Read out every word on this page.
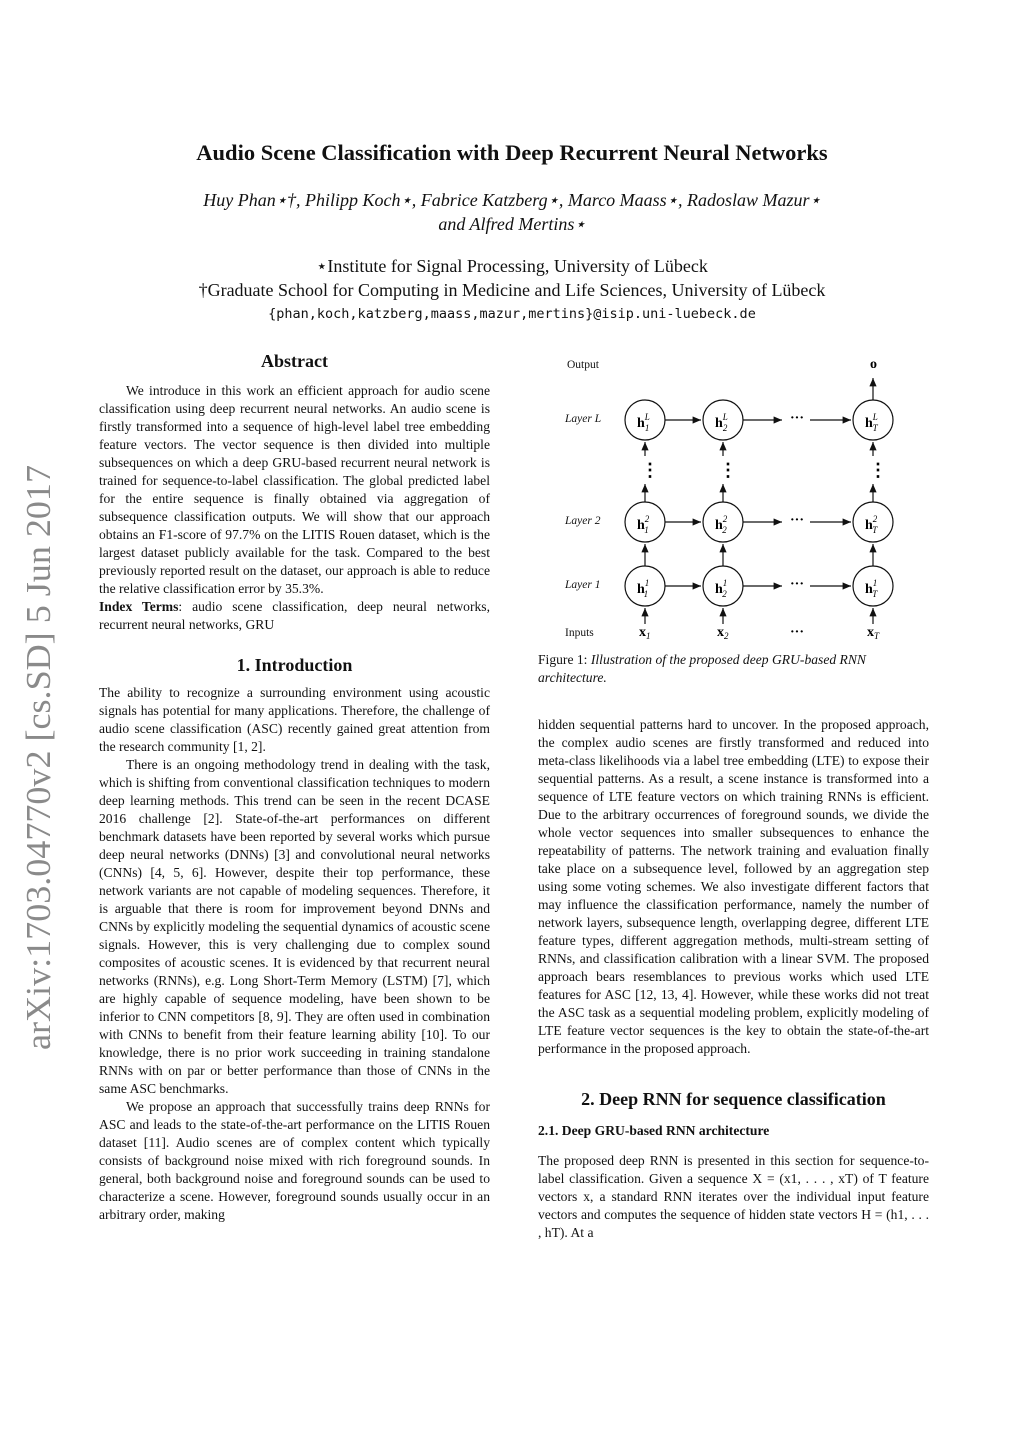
arXiv:1703.04770v2 [cs.SD] 5 Jun 2017
Audio Scene Classification with Deep Recurrent Neural Networks
Huy Phan⋆†, Philipp Koch⋆, Fabrice Katzberg⋆, Marco Maass⋆, Radoslaw Mazur⋆
and Alfred Mertins⋆
⋆Institute for Signal Processing, University of Lübeck
†Graduate School for Computing in Medicine and Life Sciences, University of Lübeck
{phan,koch,katzberg,maass,mazur,mertins}@isip.uni-luebeck.de
Abstract

We introduce in this work an efficient approach for audio scene classification using deep recurrent neural networks. An audio scene is firstly transformed into a sequence of high-level label tree embedding feature vectors. The vector sequence is then divided into multiple subsequences on which a deep GRU-based recurrent neural network is trained for sequence-to-label classification. The global predicted label for the entire sequence is finally obtained via aggregation of subsequence classification outputs. We will show that our approach obtains an F1-score of 97.7% on the LITIS Rouen dataset, which is the largest dataset publicly available for the task. Compared to the best previously reported result on the dataset, our approach is able to reduce the relative classification error by 35.3%.

Index Terms: audio scene classification, deep neural networks, recurrent neural networks, GRU

1. Introduction

The ability to recognize a surrounding environment using acoustic signals has potential for many applications. Therefore, the challenge of audio scene classification (ASC) recently gained great attention from the research community [1, 2].

There is an ongoing methodology trend in dealing with the task, which is shifting from conventional classification techniques to modern deep learning methods. This trend can be seen in the recent DCASE 2016 challenge [2]. State-of-the-art performances on different benchmark datasets have been reported by several works which pursue deep neural networks (DNNs) [3] and convolutional neural networks (CNNs) [4, 5, 6]. However, despite their top performance, these network variants are not capable of modeling sequences. Therefore, it is arguable that there is room for improvement beyond DNNs and CNNs by explicitly modeling the sequential dynamics of acoustic scene signals. However, this is very challenging due to complex sound composites of acoustic scenes. It is evidenced by that recurrent neural networks (RNNs), e.g. Long Short-Term Memory (LSTM) [7], which are highly capable of sequence modeling, have been shown to be inferior to CNN competitors [8, 9]. They are often used in combination with CNNs to benefit from their feature learning ability [10]. To our knowledge, there is no prior work succeeding in training standalone RNNs with on par or better performance than those of CNNs in the same ASC benchmarks.

We propose an approach that successfully trains deep RNNs for ASC and leads to the state-of-the-art performance on the LITIS Rouen dataset [11]. Audio scenes are of complex content which typically consists of background noise mixed with rich foreground sounds. In general, both background noise and foreground sounds can be used to characterize a scene. However, foreground sounds usually occur in an arbitrary order, making

Output
Layer L
Layer 2
Layer 1
Inputs
o
···
$h^L$ 1	$h^L$ 2	$h^L$ T
⋮	⋮	⋮
···
$h^2$ 1	$h^2$ 2	$h^2$ T
···
$h^1$ 1	$h^1$ 2	$h^1$ T
$x_1$	$x_2$	···	$x_T$
Figure 1: Illustration of the proposed deep GRU-based RNN architecture.

hidden sequential patterns hard to uncover. In the proposed approach, the complex audio scenes are firstly transformed and reduced into meta-class likelihoods via a label tree embedding (LTE) to expose their sequential patterns. As a result, a scene instance is transformed into a sequence of LTE feature vectors on which training RNNs is efficient. Due to the arbitrary occurrences of foreground sounds, we divide the whole vector sequences into smaller subsequences to enhance the repeatability of patterns. The network training and evaluation finally take place on a subsequence level, followed by an aggregation step using some voting schemes. We also investigate different factors that may influence the classification performance, namely the number of network layers, subsequence length, overlapping degree, different LTE feature types, different aggregation methods, multi-stream setting of RNNs, and classification calibration with a linear SVM. The proposed approach bears resemblances to previous works which used LTE features for ASC [12, 13, 4]. However, while these works did not treat the ASC task as a sequential modeling problem, explicitly modeling of LTE feature vector sequences is the key to obtain the state-of-the-art performance in the proposed approach.

2. Deep RNN for sequence classification
2.1. Deep GRU-based RNN architecture

The proposed deep RNN is presented in this section for sequence-to-label classification. Given a sequence X = (x1, . . . , xT) of T feature vectors x, a standard RNN iterates over the individual input feature vectors and computes the sequence of hidden state vectors H = (h1, . . . , hT). At a
